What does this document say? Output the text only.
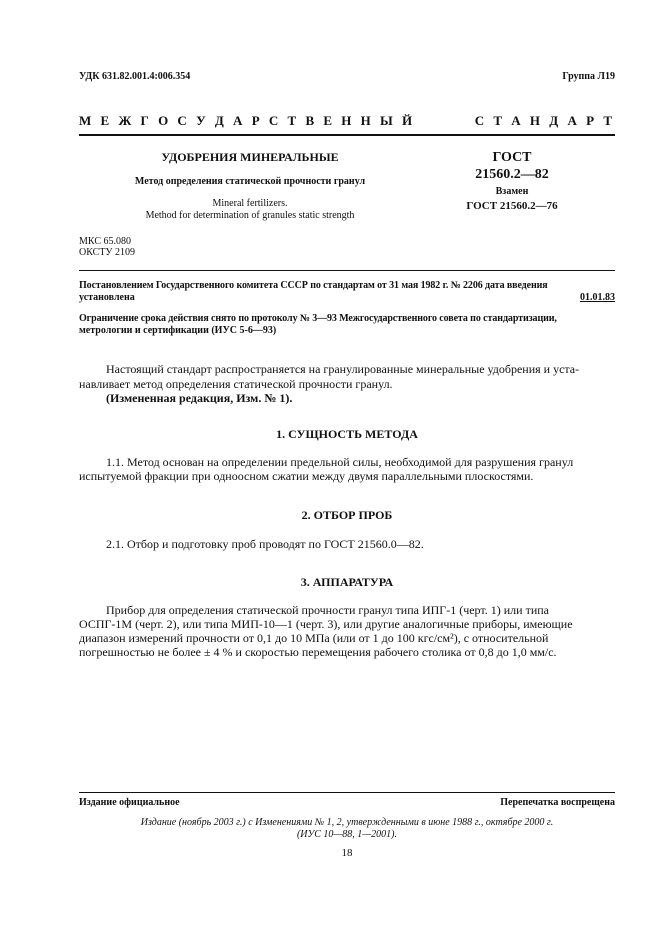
УДК 631.82.001.4:006.354	Группа Л19
М Е Ж Г О С У Д А Р С Т В Е Н Н Ы Й	С Т А Н Д А Р Т
УДОБРЕНИЯ МИНЕРАЛЬНЫЕ
Метод определения статической прочности гранул
Mineral fertilizers.
Method for determination of granules static strength
ГОСТ
21560.2—82
Взамен
ГОСТ 21560.2—76
МКС 65.080
ОКСТУ 2109
Постановлением Государственного комитета СССР по стандартам от 31 мая 1982 г. № 2206 дата введения
установлена	01.01.83
Ограничение срока действия снято по протоколу № 3—93 Межгосударственного совета по стандартизации,
метрологии и сертификации (ИУС 5-6—93)
Настоящий стандарт распространяется на гранулированные минеральные удобрения и уста-
навливает метод определения статической прочности гранул.
(Измененная редакция, Изм. № 1).
1. СУЩНОСТЬ МЕТОДА
1.1. Метод основан на определении предельной силы, необходимой для разрушения гранул
испытуемой фракции при одноосном сжатии между двумя параллельными плоскостями.
2. ОТБОР ПРОБ
2.1. Отбор и подготовку проб проводят по ГОСТ 21560.0—82.
3. АППАРАТУРА
Прибор для определения статической прочности гранул типа ИПГ-1 (черт. 1) или типа
ОСПГ-1М (черт. 2), или типа МИП-10—1 (черт. 3), или другие аналогичные приборы, имеющие
диапазон измерений прочности от 0,1 до 10 МПа (или от 1 до 100 кгс/см²), с относительной
погрешностью не более ± 4 % и скоростью перемещения рабочего столика от 0,8 до 1,0 мм/с.
Издание официальное	Перепечатка воспрещена
Издание (ноябрь 2003 г.) с Изменениями № 1, 2, утвержденными в июне 1988 г., октябре 2000 г.
(ИУС 10—88, 1—2001).
18
